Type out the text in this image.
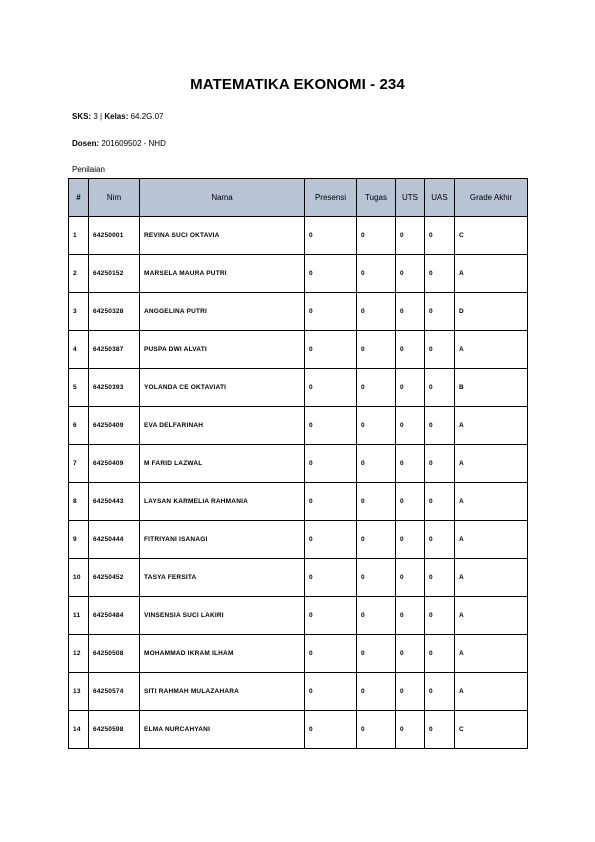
MATEMATIKA EKONOMI - 234
SKS: 3 | Kelas: 64.2G.07
Dosen: 201609502 - NHD
Penilaian
#	Nim	Nama	Presensi	Tugas	UTS	UAS	Grade Akhir
1	64250001	REVINA SUCI OKTAVIA	0	0	0	0	C
2	64250152	MARSELA MAURA PUTRI	0	0	0	0	A
3	64250328	ANGGELINA PUTRI	0	0	0	0	D
4	64250387	PUSPA DWI ALVATI	0	0	0	0	A
5	64250393	YOLANDA CE OKTAVIATI	0	0	0	0	B
6	64250409	EVA DELFARINAH	0	0	0	0	A
7	64250409	M FARID LAZWAL	0	0	0	0	A
8	64250443	LAYSAN KARMELIA RAHMANIA	0	0	0	0	A
9	64250444	FITRIYANI ISANAGI	0	0	0	0	A
10	64250452	TASYA FERSITA	0	0	0	0	A
11	64250484	VINSENSIA SUCI LAKIRI	0	0	0	0	A
12	64250508	MOHAMMAD IKRAM ILHAM	0	0	0	0	A
13	64250574	SITI RAHMAH MULAZAHARA	0	0	0	0	A
14	64250598	ELMA NURCAHYANI	0	0	0	0	C
